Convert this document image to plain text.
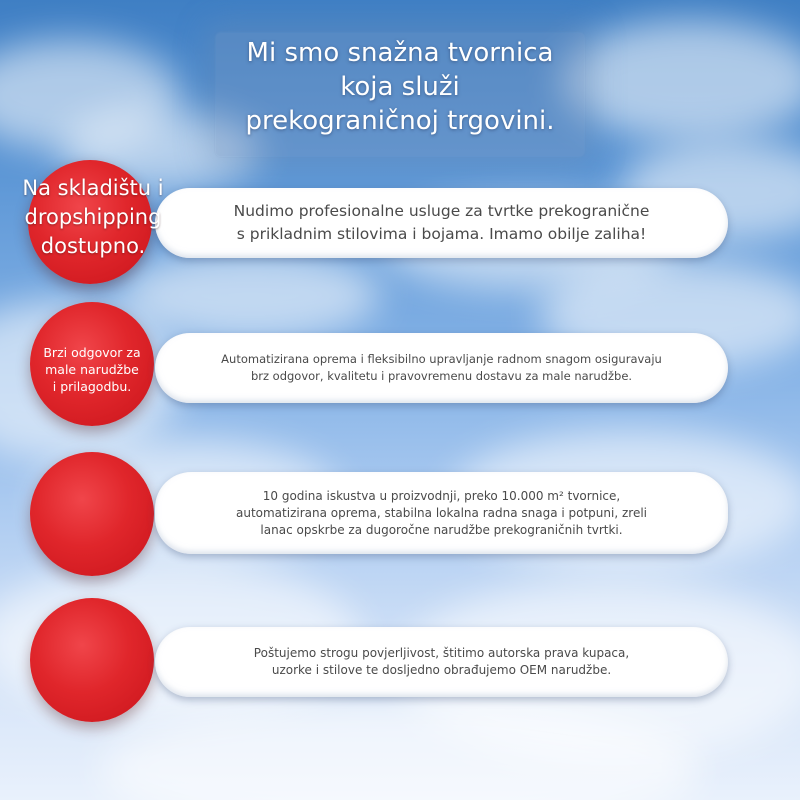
Mi smo snažna tvornica
koja služi
prekograničnoj trgovini.
Nudimo profesionalne usluge za tvrtke prekogranične
s prikladnim stilovima i bojama. Imamo obilje zaliha!
Na skladištu i
dropshipping
dostupno.
Automatizirana oprema i fleksibilno upravljanje radnom snagom osiguravaju
brz odgovor, kvalitetu i pravovremenu dostavu za male narudžbe.
Brzi odgovor za
male narudžbe
i prilagodbu.
10 godina iskustva u proizvodnji, preko 10.000 m² tvornice,
automatizirana oprema, stabilna lokalna radna snaga i potpuni, zreli
lanac opskrbe za dugoročne narudžbe prekograničnih tvrtki.
Poštujemo strogu povjerljivost, štitimo autorska prava kupaca,
uzorke i stilove te dosljedno obrađujemo OEM narudžbe.
